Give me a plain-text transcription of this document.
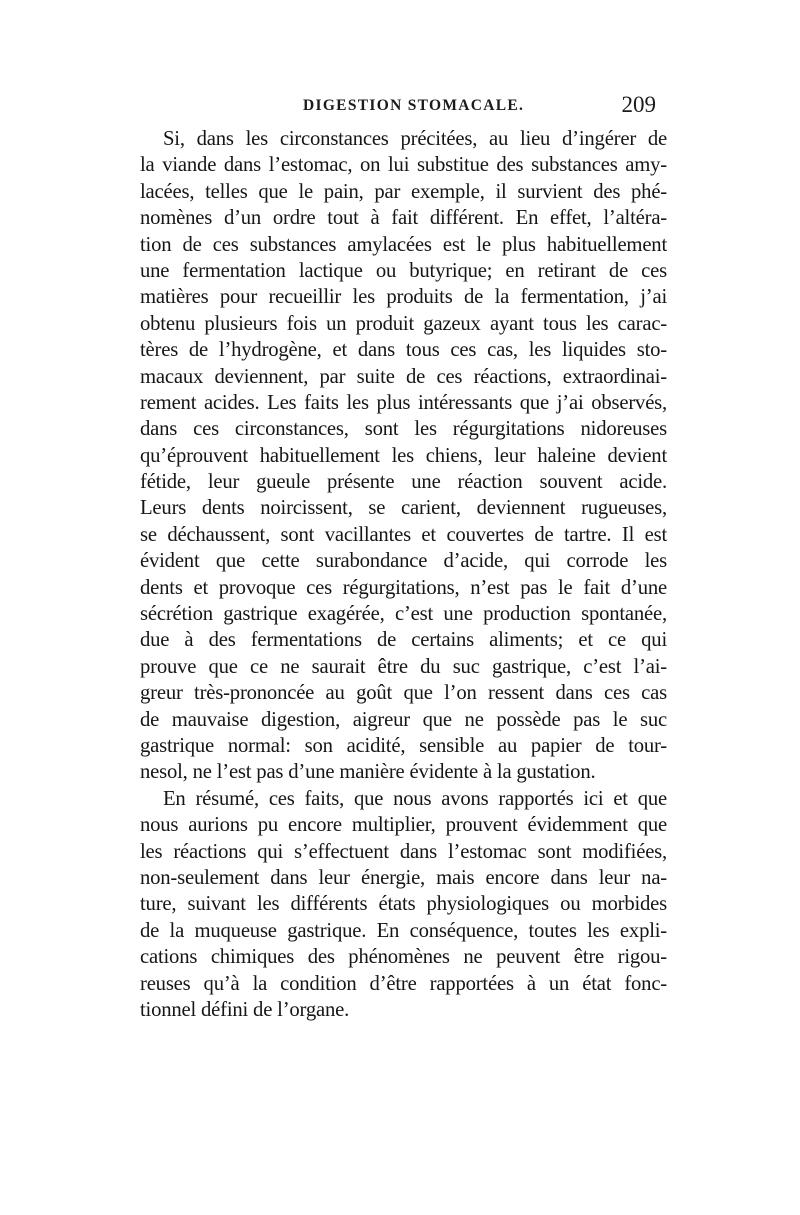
DIGESTION STOMACALE.	209
Si, dans les circonstances précitées, au lieu d’ingérer de
la viande dans l’estomac, on lui substitue des substances amy-
lacées, telles que le pain, par exemple, il survient des phé-
nomènes d’un ordre tout à fait différent. En effet, l’altéra-
tion de ces substances amylacées est le plus habituellement
une fermentation lactique ou butyrique; en retirant de ces
matières pour recueillir les produits de la fermentation, j’ai
obtenu plusieurs fois un produit gazeux ayant tous les carac-
tères de l’hydrogène, et dans tous ces cas, les liquides sto-
macaux deviennent, par suite de ces réactions, extraordinai-
rement acides. Les faits les plus intéressants que j’ai observés,
dans ces circonstances, sont les régurgitations nidoreuses
qu’éprouvent habituellement les chiens, leur haleine devient
fétide, leur gueule présente une réaction souvent acide.
Leurs dents noircissent, se carient, deviennent rugueuses,
se déchaussent, sont vacillantes et couvertes de tartre. Il est
évident que cette surabondance d’acide, qui corrode les
dents et provoque ces régurgitations, n’est pas le fait d’une
sécrétion gastrique exagérée, c’est une production spontanée,
due à des fermentations de certains aliments; et ce qui
prouve que ce ne saurait être du suc gastrique, c’est l’ai-
greur très-prononcée au goût que l’on ressent dans ces cas
de mauvaise digestion, aigreur que ne possède pas le suc
gastrique normal: son acidité, sensible au papier de tour-
nesol, ne l’est pas d’une manière évidente à la gustation.
En résumé, ces faits, que nous avons rapportés ici et que
nous aurions pu encore multiplier, prouvent évidemment que
les réactions qui s’effectuent dans l’estomac sont modifiées,
non-seulement dans leur énergie, mais encore dans leur na-
ture, suivant les différents états physiologiques ou morbides
de la muqueuse gastrique. En conséquence, toutes les expli-
cations chimiques des phénomènes ne peuvent être rigou-
reuses qu’à la condition d’être rapportées à un état fonc-
tionnel défini de l’organe.
